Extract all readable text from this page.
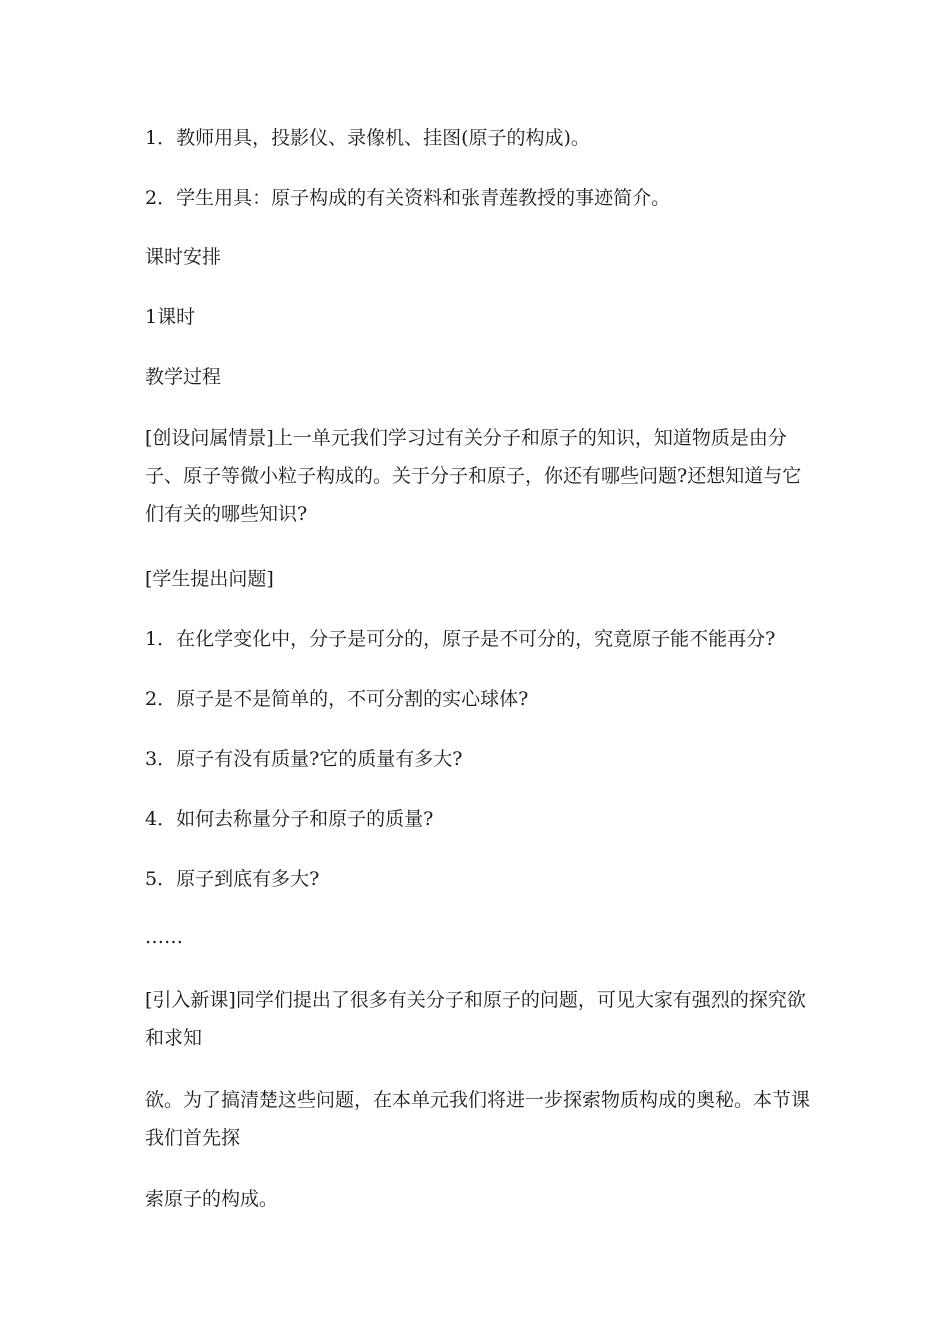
1．教师用具，投影仪、录像机、挂图(原子的构成)。

2．学生用具：原子构成的有关资料和张青莲教授的事迹简介。

课时安排

1课时

教学过程

[创设问属情景]上一单元我们学习过有关分子和原子的知识，知道物质是由分子、原子等微小粒子构成的。关于分子和原子，你还有哪些问题?还想知道与它们有关的哪些知识?

[学生提出问题]

1．在化学变化中，分子是可分的，原子是不可分的，究竟原子能不能再分?

2．原子是不是简单的，不可分割的实心球体?

3．原子有没有质量?它的质量有多大?

4．如何去称量分子和原子的质量?

5．原子到底有多大?

……

[引入新课]同学们提出了很多有关分子和原子的问题，可见大家有强烈的探究欲和求知

欲。为了搞清楚这些问题，在本单元我们将进一步探索物质构成的奥秘。本节课我们首先探

索原子的构成。
